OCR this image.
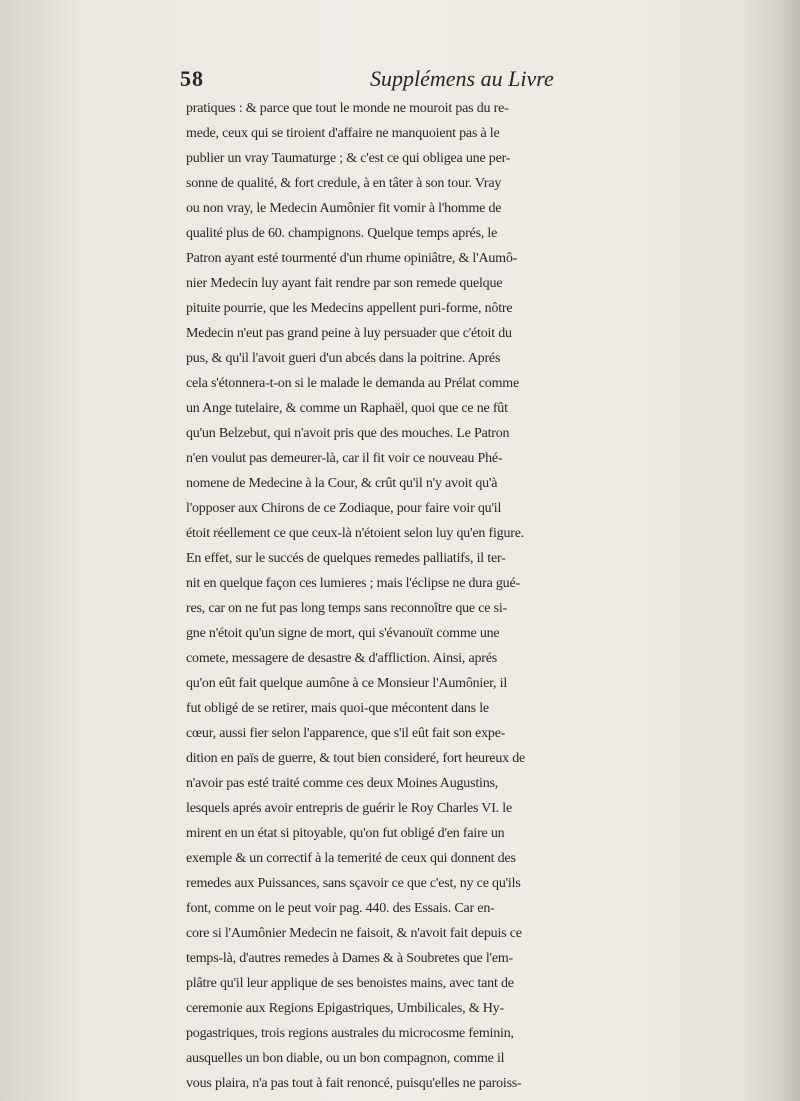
58	Supplémens au Livre
pratiques : & parce que tout le monde ne mouroit pas du re-
mede, ceux qui se tiroient d'affaire ne manquoient pas à le
publier un vray Taumaturge ; & c'est ce qui obligea une per-
sonne de qualité, & fort credule, à en tâter à son tour. Vray
ou non vray, le Medecin Aumônier fit vomir à l'homme de
qualité plus de 60. champignons. Quelque temps aprés, le
Patron ayant esté tourmenté d'un rhume opiniâtre, & l'Aumô-
nier Medecin luy ayant fait rendre par son remede quelque
pituite pourrie, que les Medecins appellent puri-forme, nôtre
Medecin n'eut pas grand peine à luy persuader que c'étoit du
pus, & qu'il l'avoit gueri d'un abcés dans la poitrine. Aprés
cela s'étonnera-t-on si le malade le demanda au Prélat comme
un Ange tutelaire, & comme un Raphaël, quoi que ce ne fût
qu'un Belzebut, qui n'avoit pris que des mouches. Le Patron
n'en voulut pas demeurer-là, car il fit voir ce nouveau Phé-
nomene de Medecine à la Cour, & crût qu'il n'y avoit qu'à
l'opposer aux Chirons de ce Zodiaque, pour faire voir qu'il
étoit réellement ce que ceux-là n'étoient selon luy qu'en figure.
En effet, sur le succés de quelques remedes palliatifs, il ter-
nit en quelque façon ces lumieres ; mais l'éclipse ne dura gué-
res, car on ne fut pas long temps sans reconnoître que ce si-
gne n'étoit qu'un signe de mort, qui s'évanouït comme une
comete, messagere de desastre & d'affliction. Ainsi, aprés
qu'on eût fait quelque aumône à ce Monsieur l'Aumônier, il
fut obligé de se retirer, mais quoi-que mécontent dans le
cœur, aussi fier selon l'apparence, que s'il eût fait son expe-
dition en païs de guerre, & tout bien consideré, fort heureux de
n'avoir pas esté traité comme ces deux Moines Augustins,
lesquels aprés avoir entrepris de guérir le Roy Charles VI. le
mirent en un état si pitoyable, qu'on fut obligé d'en faire un
exemple & un correctif à la temerité de ceux qui donnent des
remedes aux Puissances, sans sçavoir ce que c'est, ny ce qu'ils
font, comme on le peut voir pag. 440. des Essais. Car en-
core si l'Aumônier Medecin ne faisoit, & n'avoit fait depuis ce
temps-là, d'autres remedes à Dames & à Soubretes que l'em-
plâtre qu'il leur applique de ses benoistes mains, avec tant de
ceremonie aux Regions Epigastriques, Umbilicales, & Hy-
pogastriques, trois regions australes du microcosme feminin,
ausquelles un bon diable, ou un bon compagnon, comme il
vous plaira, n'a pas tout à fait renoncé, puisqu'elles ne paroiss-
